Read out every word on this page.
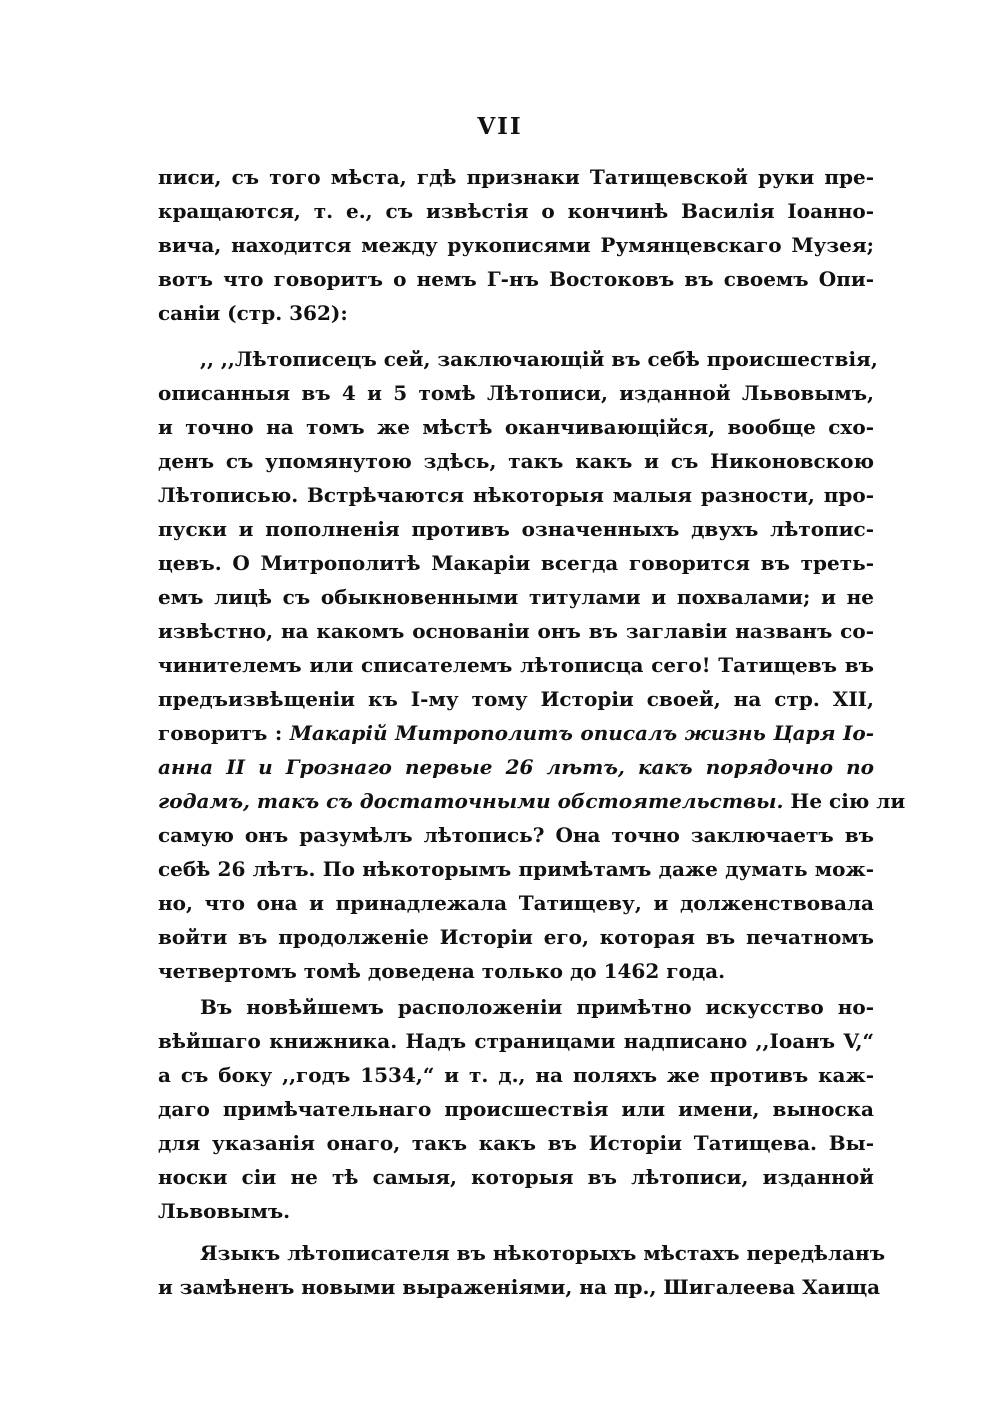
VII
писи, съ того мѣста, гдѣ признаки Татищевской руки пре-
кращаются, т. е., съ извѣстія о кончинѣ Василія Іоанно-
вича, находится между рукописями Румянцевскаго Музея;
вотъ что говоритъ о немъ Г-нъ Востоковъ въ своемъ Опи-
саніи (стр. 362):
,, ,,Лѣтописецъ сей, заключающій въ себѣ происшествія,
описанныя въ 4 и 5 томѣ Лѣтописи, изданной Львовымъ,
и точно на томъ же мѣстѣ оканчивающійся, вообще схо-
денъ съ упомянутою здѣсь, такъ какъ и съ Никоновскою
Лѣтописью. Встрѣчаются нѣкоторыя малыя разности, про-
пуски и пополненія противъ означенныхъ двухъ лѣтопис-
цевъ. О Митрополитѣ Макаріи всегда говорится въ треть-
емъ лицѣ съ обыкновенными титулами и похвалами; и не
извѣстно, на какомъ основаніи онъ въ заглавіи названъ со-
чинителемъ или списателемъ лѣтописца сего! Татищевъ въ
предъизвѣщеніи къ І-му тому Исторіи своей, на стр. XII,
говоритъ : Макарій Митрополитъ описалъ жизнь Царя Іо-
анна II и Грознаго первые 26 лѣтъ, какъ порядочно по
годамъ, такъ съ достаточными обстоятельствы. Не сію ли
самую онъ разумѣлъ лѣтопись? Она точно заключаетъ въ
себѣ 26 лѣтъ. По нѣкоторымъ примѣтамъ даже думать мож-
но, что она и принадлежала Татищеву, и долженствовала
войти въ продолженіе Исторіи его, которая въ печатномъ
четвертомъ томѣ доведена только до 1462 года.
Въ новѣйшемъ расположеніи примѣтно искусство но-
вѣйшаго книжника. Надъ страницами надписано ,,Іоанъ V,“
а съ боку ,,годъ 1534,“ и т. д., на поляхъ же противъ каж-
даго примѣчательнаго происшествія или имени, выноска
для указанія онаго, такъ какъ въ Исторіи Татищева. Вы-
носки сіи не тѣ самыя, которыя въ лѣтописи, изданной
Львовымъ.
Языкъ лѣтописателя въ нѣкоторыхъ мѣстахъ передѣланъ
и замѣненъ новыми выраженіями, на пр., Шигалеева Хаища
